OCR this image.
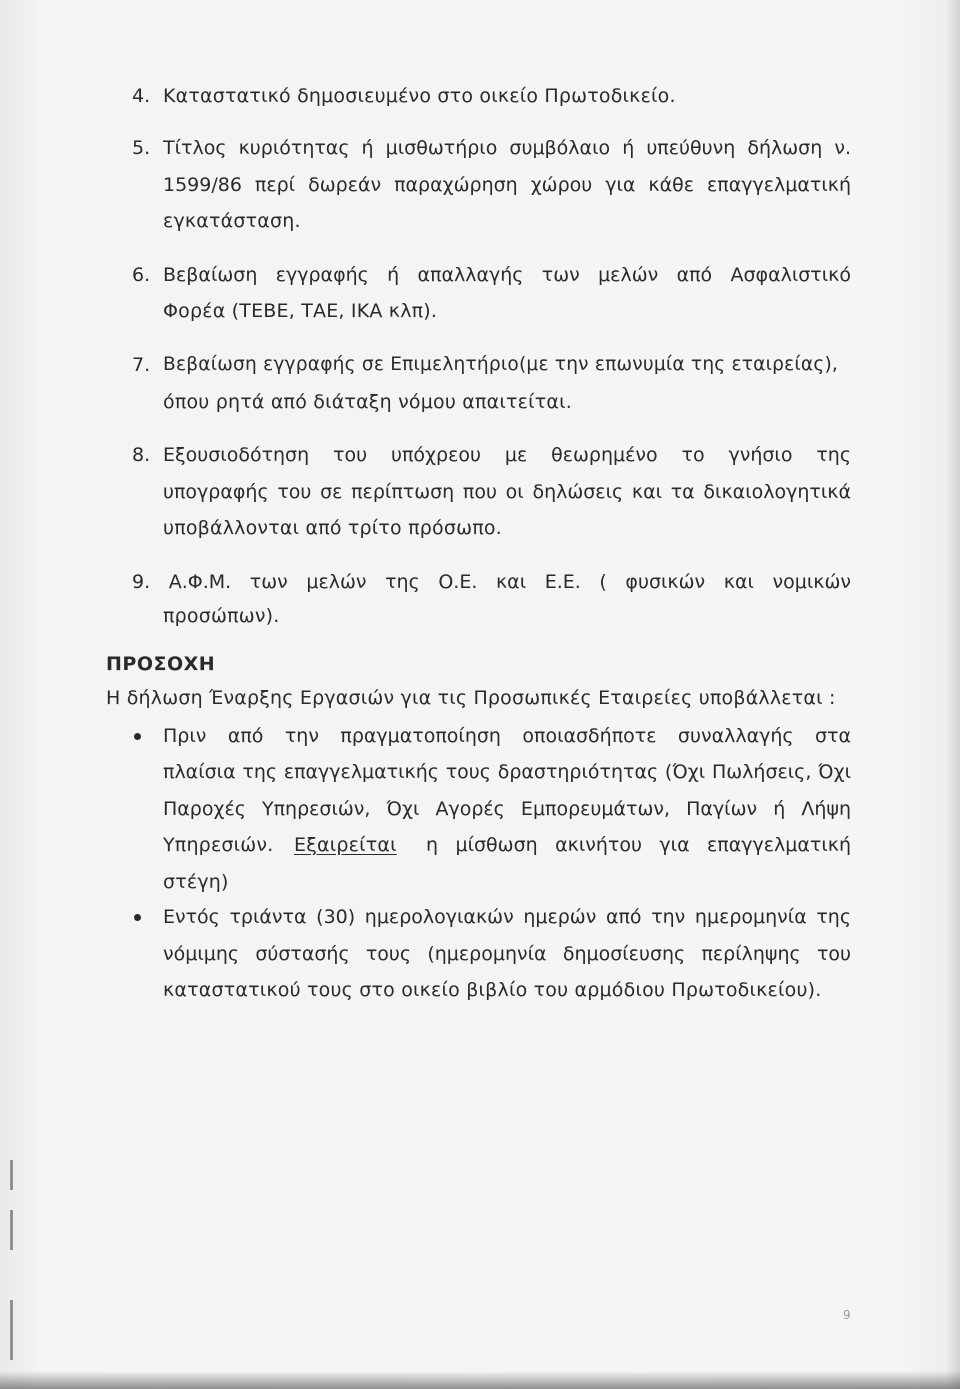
4. Καταστατικό δημοσιευμένο στο οικείο Πρωτοδικείο.
5. Τίτλος κυριότητας ή μισθωτήριο συμβόλαιο ή υπεύθυνη δήλωση ν.
1599/86 περί δωρεάν παραχώρηση χώρου για κάθε επαγγελματική
εγκατάσταση.
6. Βεβαίωση εγγραφής ή απαλλαγής των μελών από Ασφαλιστικό
Φορέα (ΤΕΒΕ, ΤΑΕ, ΙΚΑ κλπ).
7. Βεβαίωση εγγραφής σε Επιμελητήριο(με την επωνυμία της εταιρείας),
όπου ρητά από διάταξη νόμου απαιτείται.
8. Εξουσιοδότηση του υπόχρεου με θεωρημένο το γνήσιο της
υπογραφής του σε περίπτωση που οι δηλώσεις και τα δικαιολογητικά
υποβάλλονται από τρίτο πρόσωπο.
9. Α.Φ.Μ. των μελών της Ο.Ε. και Ε.Ε. ( φυσικών και νομικών
προσώπων).
ΠΡΟΣΟΧΗ
Η δήλωση Έναρξης Εργασιών για τις Προσωπικές Εταιρείες υποβάλλεται :
Πριν από την πραγματοποίηση οποιασδήποτε συναλλαγής στα
πλαίσια της επαγγελματικής τους δραστηριότητας (Όχι Πωλήσεις, Όχι
Παροχές Υπηρεσιών, Όχι Αγορές Εμπορευμάτων, Παγίων ή Λήψη
Υπηρεσιών. Εξαιρείται η μίσθωση ακινήτου για επαγγελματική
στέγη)
Εντός τριάντα (30) ημερολογιακών ημερών από την ημερομηνία της
νόμιμης σύστασής τους (ημερομηνία δημοσίευσης περίληψης του
καταστατικού τους στο οικείο βιβλίο του αρμόδιου Πρωτοδικείου).
9
